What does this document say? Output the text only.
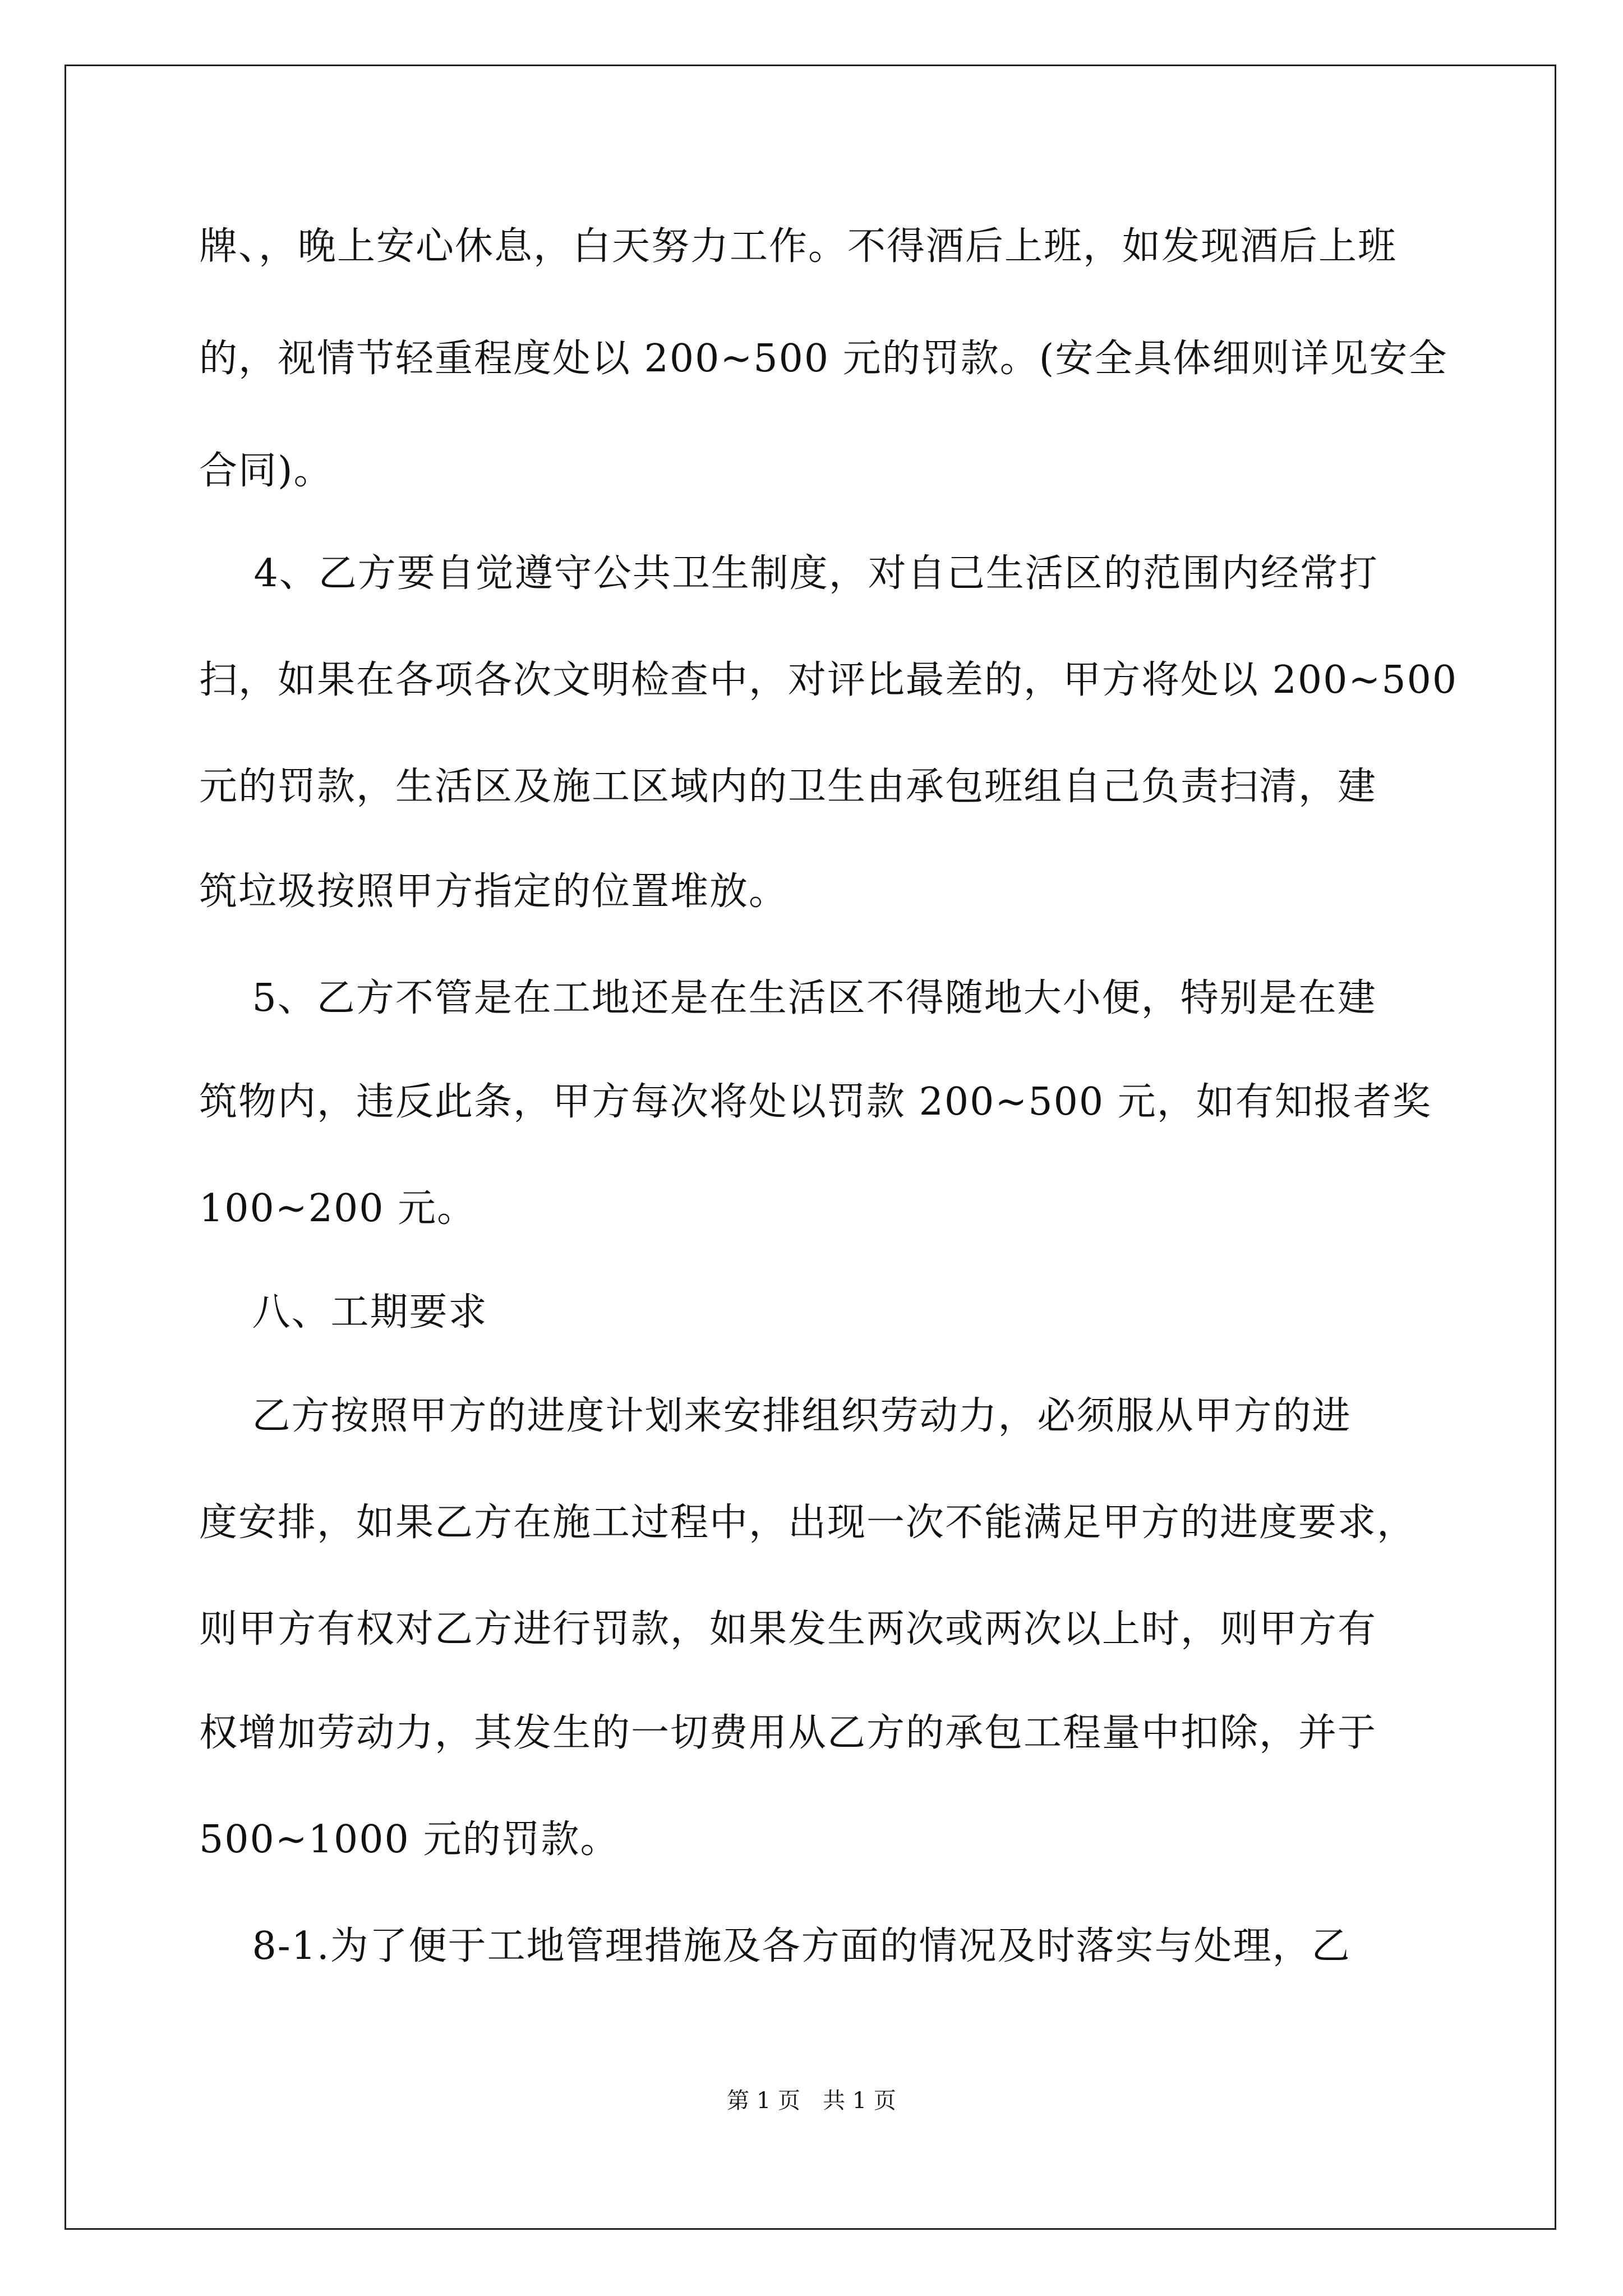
牌、，晚上安心休息，白天努力工作。不得酒后上班，如发现酒后上班
的，视情节轻重程度处以 200~500 元的罚款。(安全具体细则详见安全
合同)。
4、乙方要自觉遵守公共卫生制度，对自己生活区的范围内经常打
扫，如果在各项各次文明检查中，对评比最差的，甲方将处以 200~500
元的罚款，生活区及施工区域内的卫生由承包班组自己负责扫清，建
筑垃圾按照甲方指定的位置堆放。
5、乙方不管是在工地还是在生活区不得随地大小便，特别是在建
筑物内，违反此条，甲方每次将处以罚款 200~500 元，如有知报者奖
100~200 元。
八、工期要求
乙方按照甲方的进度计划来安排组织劳动力，必须服从甲方的进
度安排，如果乙方在施工过程中，出现一次不能满足甲方的进度要求，
则甲方有权对乙方进行罚款，如果发生两次或两次以上时，则甲方有
权增加劳动力，其发生的一切费用从乙方的承包工程量中扣除，并于
500~1000 元的罚款。
8-1.为了便于工地管理措施及各方面的情况及时落实与处理，乙
第 1 页 共 1 页
